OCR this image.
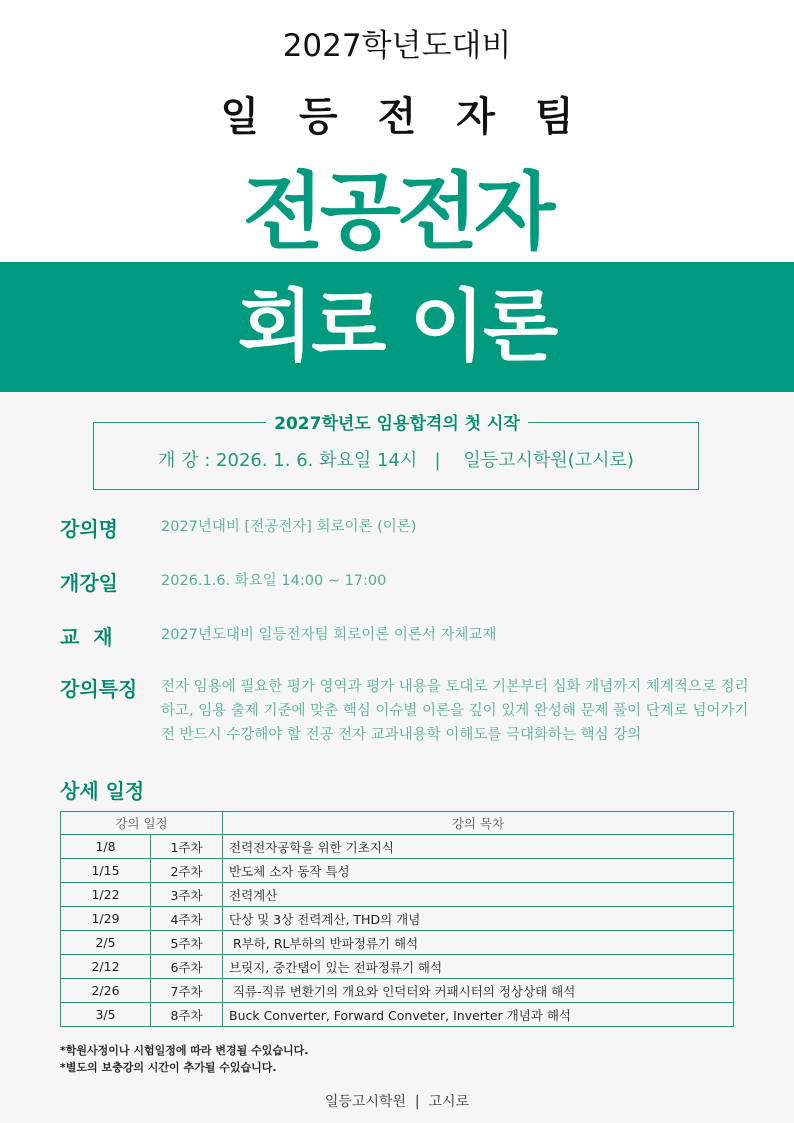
2027학년도대비
일등전자팀
전공전자
회로 이론
2027학년도 임용합격의 첫 시작
개 강 : 2026. 1. 6. 화요일 14시   |    일등고시학원(고시로)
강의명	2027년대비 [전공전자] 회로이론 (이론)
개강일	2026.1.6. 화요일 14:00 ~ 17:00
교  재	2027년도대비 일등전자팀 회로이론 이론서 자체교재
강의특징 전자 임용에 필요한 평가 영역과 평가 내용을 토대로 기본부터 심화 개념까지 체계적으로 정리하고, 임용 출제 기준에 맞춘 핵심 이슈별 이론을 깊이 있게 완성해 문제 풀이 단계로 넘어가기 전 반드시 수강해야 할 전공 전자 교과내용학 이해도를 극대화하는 핵심 강의
상세 일정
강의 일정		강의 목차
1/8	1주차	전력전자공학을 위한 기초지식
1/15	2주차	반도체 소자 동작 특성
1/22	3주차	전력계산
1/29	4주차	단상 및 3상 전력계산, THD의 개념
2/5	5주차	R부하, RL부하의 반파정류기 해석
2/12	6주차	브릿지, 중간탭이 있는 전파정류기 해석
2/26	7주차	직류-직류 변환기의 개요와 인덕터와 커패시터의 정상상태 해석
3/5	8주차	Buck Converter, Forward Conveter, Inverter 개념과 해석
*학원사정이나 시험일정에 따라 변경될 수있습니다.
*별도의 보충강의 시간이 추가될 수있습니다.
일등고시학원  |  고시로
